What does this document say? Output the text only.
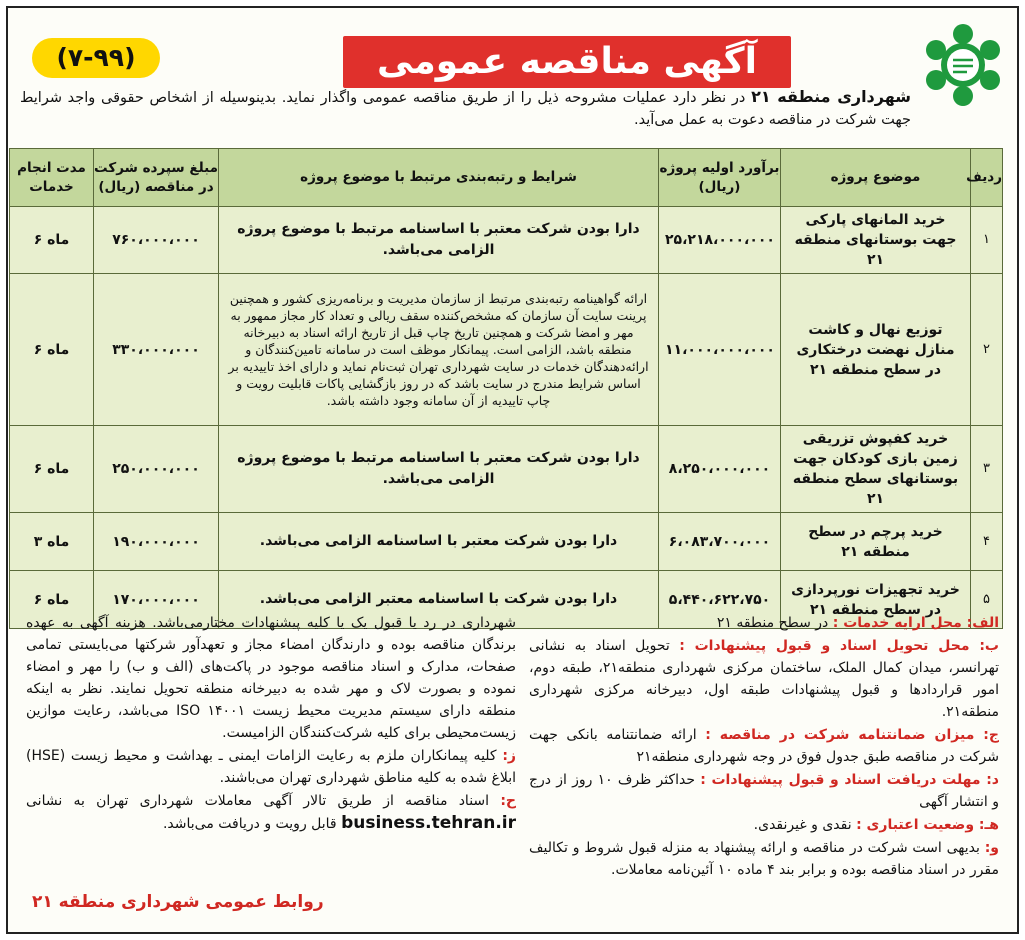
آگهی مناقصه عمومی
(۷-۹۹)
شهرداری منطقه ۲۱ در نظر دارد عملیات مشروحه ذیل را از طریق مناقصه عمومی واگذار نماید. بدینوسیله از اشخاص حقوقی واجد شرایط جهت شرکت در مناقصه دعوت به عمل می‌آید.
ردیف	موضوع پروژه	برآورد اولیه پروژه (ریال)	شرایط و رتبه‌بندی مرتبط با موضوع پروژه	مبلغ سپرده شرکت در مناقصه (ریال)	مدت انجام خدمات
۱	خرید المانهای پارکی جهت بوستانهای منطقه ۲۱	۲۵،۲۱۸،۰۰۰،۰۰۰	دارا بودن شرکت معتبر با اساسنامه مرتبط با موضوع پروژه الزامی می‌باشد.	۷۶۰،۰۰۰،۰۰۰	۶ ماه
۲	توزیع نهال و کاشت منازل نهضت درختکاری در سطح منطقه ۲۱	۱۱،۰۰۰،۰۰۰،۰۰۰	ارائه گواهینامه رتبه‌بندی مرتبط از سازمان مدیریت و برنامه‌ریزی کشور و همچنین پرینت سایت آن سازمان که مشخص‌کننده سقف ریالی و تعداد کار مجاز ممهور به مهر و امضا شرکت و همچنین تاریخ چاپ قبل از تاریخ ارائه اسناد به دبیرخانه منطقه باشد، الزامی است. پیمانکار موظف است در سامانه تامین‌کنندگان و ارائه‌دهندگان خدمات در سایت شهرداری تهران ثبت‌نام نماید و دارای اخذ تاییدیه بر اساس شرایط مندرج در سایت باشد که در روز بازگشایی پاکات قابلیت رویت و چاپ تاییدیه از آن سامانه وجود داشته باشد.	۳۳۰،۰۰۰،۰۰۰	۶ ماه
۳	خرید کفپوش تزریقی زمین بازی کودکان جهت بوستانهای سطح منطقه ۲۱	۸،۲۵۰،۰۰۰،۰۰۰	دارا بودن شرکت معتبر با اساسنامه مرتبط با موضوع پروژه الزامی می‌باشد.	۲۵۰،۰۰۰،۰۰۰	۶ ماه
۴	خرید پرچم در سطح منطقه ۲۱	۶،۰۸۳،۷۰۰،۰۰۰	دارا بودن شرکت معتبر با اساسنامه الزامی می‌باشد.	۱۹۰،۰۰۰،۰۰۰	۳ ماه
۵	خرید تجهیزات نورپردازی در سطح منطقه ۲۱	۵،۴۴۰،۶۲۲،۷۵۰	دارا بودن شرکت با اساسنامه معتبر الزامی می‌باشد.	۱۷۰،۰۰۰،۰۰۰	۶ ماه

الف: محل ارایه خدمات : در سطح منطقه ۲۱

ب: محل تحویل اسناد و قبول پیشنهادات : تحویل اسناد به نشانی تهرانسر، میدان کمال الملک، ساختمان مرکزی شهرداری منطقه۲۱، طبقه دوم، امور قراردادها و قبول پیشنهادات طبقه اول، دبیرخانه مرکزی شهرداری منطقه۲۱.

ج: میزان ضمانتنامه شرکت در مناقصه : ارائه ضمانتنامه بانکی جهت شرکت در مناقصه طبق جدول فوق در وجه شهرداری منطقه۲۱

د: مهلت دریافت اسناد و قبول پیشنهادات : حداکثر ظرف ۱۰ روز از درج و انتشار آگهی

هـ: وضعیت اعتباری : نقدی و غیرنقدی.

و: بدیهی است شرکت در مناقصه و ارائه پیشنهاد به منزله قبول شروط و تکالیف مقرر در اسناد مناقصه بوده و برابر بند ۴ ماده ۱۰ آئین‌نامه معاملات.

شهرداری در رد یا قبول یک یا کلیه پیشنهادات مختارمی‌باشد. هزینه آگهی به عهده برندگان مناقصه بوده و دارندگان امضاء مجاز و تعهدآور شرکتها می‌بایستی تمامی صفحات، مدارک و اسناد مناقصه موجود در پاکت‌های (الف و ب) را مهر و امضاء نموده و بصورت لاک و مهر شده به دبیرخانه منطقه تحویل نمایند. نظر به اینکه منطقه دارای سیستم مدیریت محیط زیست ISO ۱۴۰۰۱ می‌باشد، رعایت موازین زیست‌محیطی برای کلیه شرکت‌کنندگان الزامیست.

ز: کلیه پیمانکاران ملزم به رعایت الزامات ایمنی ـ بهداشت و محیط زیست (HSE) ابلاغ شده به کلیه مناطق شهرداری تهران می‌باشند.

ح: اسناد مناقصه از طریق تالار آگهی معاملات شهرداری تهران به نشانی business.tehran.ir قابل رویت و دریافت می‌باشد.

روابط عمومی شهرداری منطقه ۲۱
